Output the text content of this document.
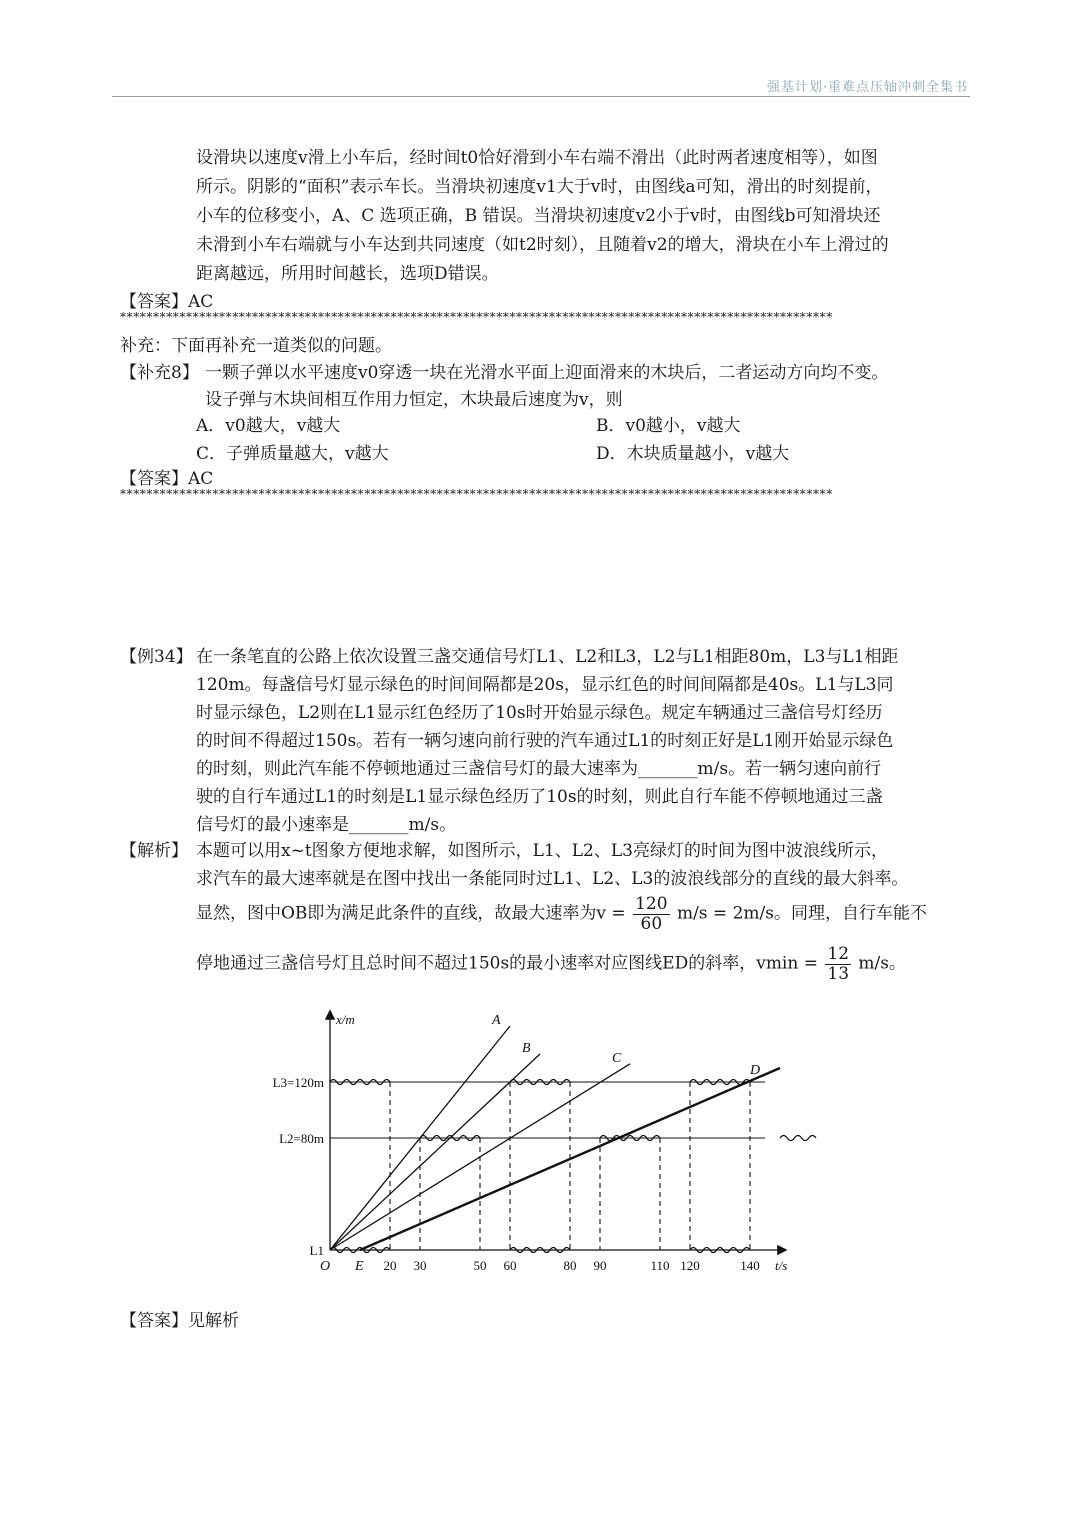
强基计划·重难点压轴冲刺全集书
设滑块以速度v滑上小车后，经时间t0恰好滑到小车右端不滑出（此时两者速度相等），如图
所示。阴影的“面积”表示车长。当滑块初速度v1大于v时，由图线a可知，滑出的时刻提前，
小车的位移变小，A、C 选项正确，B 错误。当滑块初速度v2小于v时，由图线b可知滑块还
未滑到小车右端就与小车达到共同速度（如t2时刻），且随着v2的增大，滑块在小车上滑过的
距离越远，所用时间越长，选项D错误。
【答案】AC
************************************************************************************************************
补充：下面再补充一道类似的问题。
【补充8】 一颗子弹以水平速度v0穿透一块在光滑水平面上迎面滑来的木块后，二者运动方向均不变。
设子弹与木块间相互作用力恒定，木块最后速度为v，则
A．v0越大，v越大	B．v0越小，v越大
C．子弹质量越大，v越大	D．木块质量越小，v越大
【答案】AC
************************************************************************************************************
【例34】 在一条笔直的公路上依次设置三盏交通信号灯L1、L2和L3，L2与L1相距80m，L3与L1相距
120m。每盏信号灯显示绿色的时间间隔都是20s，显示红色的时间间隔都是40s。L1与L3同
时显示绿色，L2则在L1显示红色经历了10s时开始显示绿色。规定车辆通过三盏信号灯经历
的时间不得超过150s。若有一辆匀速向前行驶的汽车通过L1的时刻正好是L1刚开始显示绿色
的时刻，则此汽车能不停顿地通过三盏信号灯的最大速率为_______m/s。若一辆匀速向前行
驶的自行车通过L1的时刻是L1显示绿色经历了10s的时刻，则此自行车能不停顿地通过三盏
信号灯的最小速率是_______m/s。
【解析】 本题可以用x~t图象方便地求解，如图所示，L1、L2、L3亮绿灯的时间为图中波浪线所示，
求汽车的最大速率就是在图中找出一条能同时过L1、L2、L3的波浪线部分的直线的最大斜率。
显然，图中OB即为满足此条件的直线，故最大速率为$v = \frac{120}{60} m/s = 2m/s$。同理，自行车能不
停地通过三盏信号灯且总时间不超过150s的最小速率对应图线ED的斜率，$vmin = \frac{12}{13} m/s$。
L3=120m
L2=80m
L1
A
B
C
D
x/m
t/s
O E 20 30	50 60	80 90	110 120	140
【答案】见解析
